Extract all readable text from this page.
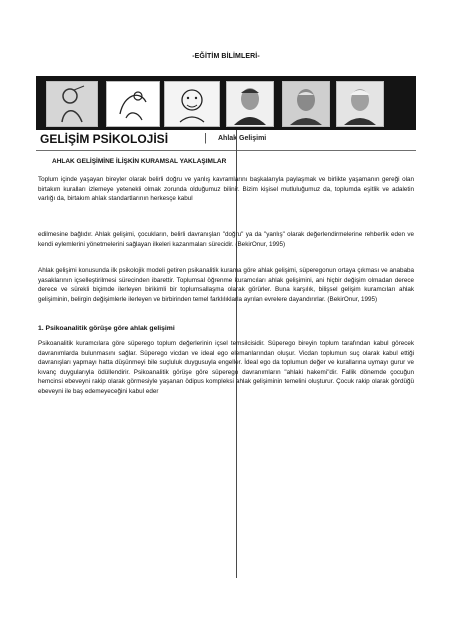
-EĞİTİM BİLİMLERİ-
GELİŞİM PSİKOLOJİSİ	| Ahlak Gelişimi
AHLAK GELİŞİMİNE İLİŞKİN KURAMSAL YAKLAŞIMLAR

Toplum içinde yaşayan bireyler olarak belirli doğru ve yanlış kavramlarını başkalarıyla paylaşmak ve birlikte yaşamanın gereği olan birtakım kuralları izlemeye yetenekli olmak zorunda olduğumuz bilinir. Bizim kişisel mutluluğumuz da, toplumda eşitlik ve adaletin varlığı da, birtakım ahlak standartlarının herkesçe kabul

edilmesine bağlıdır. Ahlak gelişimi, çocukların, belirli davranışları "doğru" ya da "yanlış" olarak değerlendirmelerine rehberlik eden ve kendi eylemlerini yönetmelerini sağlayan ilkeleri kazanmaları sürecidir. (BekirOnur, 1995)

Ahlak gelişimi konusunda ilk psikolojik modeli getiren psikanalitik kurama göre ahlak gelişimi, süperegonun ortaya çıkması ve anababa yasaklarının içselleştirilmesi sürecinden ibarettir. Toplumsal öğrenme kuramcıları ahlak gelişimini, ani hiçbir değişim olmadan derece derece ve sürekli biçimde ilerleyen birikimli bir toplumsallaşma olarak görürler. Buna karşılık, bilişsel gelişim kuramcıları ahlak gelişiminin, belirgin değişimlerle ilerleyen ve birbirinden temel farklılıklarla ayrılan evrelere dayandırırlar. (BekirOnur, 1995)

1. Psikoanalitik görüşe göre ahlak gelişimi

Psikoanalitik kuramcılara göre süperego toplum değerlerinin içsel temsilcisidir. Süperego bireyin toplum tarafından kabul görecek davranımlarda bulunmasını sağlar. Süperego vicdan ve ideal ego elemanlarından oluşur. Vicdan toplumun suç olarak kabul ettiği davranışları yapmayı hatta düşünmeyi bile suçluluk duygusuyla engeller. İdeal ego da toplumun değer ve kurallarına uymayı gurur ve kıvanç duygularıyla ödüllendirir. Psikoanalitik görüşe göre süperego davranımların "ahlaki hakemi"dir. Fallik dönemde çocuğun hemcinsi ebeveyni rakip olarak görmesiyle yaşanan ödipus kompleksi ahlak gelişiminin temelini oluşturur. Çocuk rakip olarak gördüğü ebeveyni ile baş edemeyeceğini kabul eder
